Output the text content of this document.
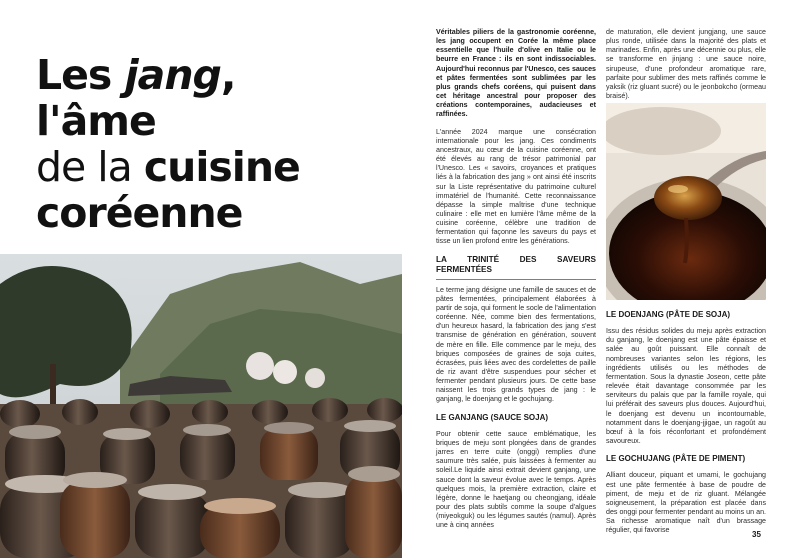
Les jang,
l'âme
de la cuisine
coréenne

Véritables piliers de la gastronomie coréenne, les jang occupent en Corée la même place essentielle que l'huile d'olive en Italie ou le beurre en France : ils en sont indissociables. Aujourd'hui reconnus par l'Unesco, ces sauces et pâtes fermentées sont sublimées par les plus grands chefs coréens, qui puisent dans cet héritage ancestral pour proposer des créations contemporaines, audacieuses et raffinées.

L'année 2024 marque une consécration internationale pour les jang. Ces condiments ancestraux, au cœur de la cuisine coréenne, ont été élevés au rang de trésor patrimonial par l'Unesco. Les « savoirs, croyances et pratiques liés à la fabrication des jang » ont ainsi été inscrits sur la Liste représentative du patrimoine culturel immatériel de l'humanité. Cette reconnaissance dépasse la simple maîtrise d'une technique culinaire : elle met en lumière l'âme même de la cuisine coréenne, célèbre une tradition de fermentation qui façonne les saveurs du pays et tisse un lien profond entre les générations.

LA TRINITÉ DES SAVEURS FERMENTÉES

Le terme jang désigne une famille de sauces et de pâtes fermentées, principalement élaborées à partir de soja, qui forment le socle de l'alimentation coréenne. Née, comme bien des fermentations, d'un heureux hasard, la fabrication des jang s'est transmise de génération en génération, souvent de mère en fille. Elle commence par le meju, des briques composées de graines de soja cuites, écrasées, puis liées avec des cordelettes de paille de riz avant d'être suspendues pour sécher et fermenter pendant plusieurs jours. De cette base naissent les trois grands types de jang : le ganjang, le doenjang et le gochujang.

LE GANJANG (SAUCE SOJA)

Pour obtenir cette sauce emblématique, les briques de meju sont plongées dans de grandes jarres en terre cuite (onggi) remplies d'une saumure très salée, puis laissées à fermenter au soleil.Le liquide ainsi extrait devient ganjang, une sauce dont la saveur évolue avec le temps. Après quelques mois, la première extraction, claire et légère, donne le haetjang ou cheongjang, idéale pour des plats subtils comme la soupe d'algues (miyeokguk) ou les légumes sautés (namul). Après une à cinq années

de maturation, elle devient jungjang, une sauce plus ronde, utilisée dans la majorité des plats et marinades. Enfin, après une décennie ou plus, elle se transforme en jinjang : une sauce noire, sirupeuse, d'une profondeur aromatique rare, parfaite pour sublimer des mets raffinés comme le yaksik (riz gluant sucré) ou le jeonbokcho (ormeau braisé).

LE DOENJANG (PÂTE DE SOJA)

Issu des résidus solides du meju après extraction du ganjang, le doenjang est une pâte épaisse et salée au goût puissant. Elle connaît de nombreuses variantes selon les régions, les ingrédients utilisés ou les méthodes de fermentation. Sous la dynastie Joseon, cette pâte relevée était davantage consommée par les serviteurs du palais que par la famille royale, qui lui préférait des saveurs plus douces. Aujourd'hui, le doenjang est devenu un incontournable, notamment dans le doenjang-jjigae, un ragoût au bœuf à la fois réconfortant et profondément savoureux.

LE GOCHUJANG (PÂTE DE PIMENT)

Alliant douceur, piquant et umami, le gochujang est une pâte fermentée à base de poudre de piment, de meju et de riz gluant. Mélangée soigneusement, la préparation est placée dans des onggi pour fermenter pendant au moins un an. Sa richesse aromatique naît d'un brassage régulier, qui favorise	35
